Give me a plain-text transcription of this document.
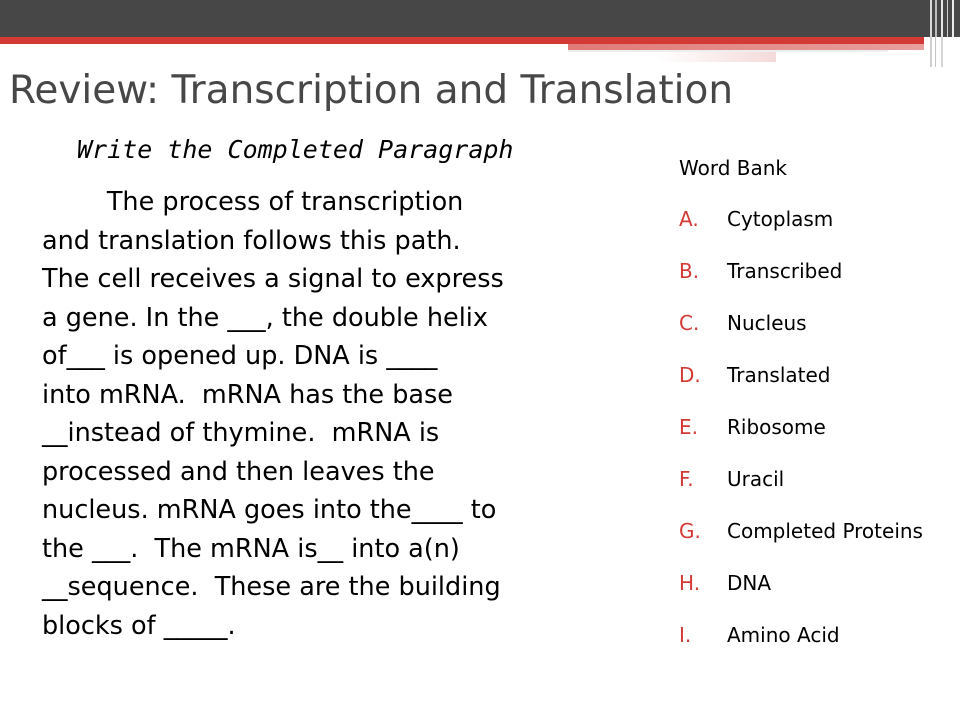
Review: Transcription and Translation
Write the Completed Paragraph
The process of transcription
and translation follows this path.
The cell receives a signal to express
a gene. In the ___, the double helix
of___ is opened up. DNA is ____
into mRNA.  mRNA has the base
__instead of thymine.  mRNA is
processed and then leaves the
nucleus. mRNA goes into the____ to
the ___.  The mRNA is__ into a(n)
__sequence.  These are the building
blocks of _____.
Word Bank
A. Cytoplasm
B. Transcribed
C. Nucleus
D. Translated
E. Ribosome
F. Uracil
G. Completed Proteins
H. DNA
I. Amino Acid
